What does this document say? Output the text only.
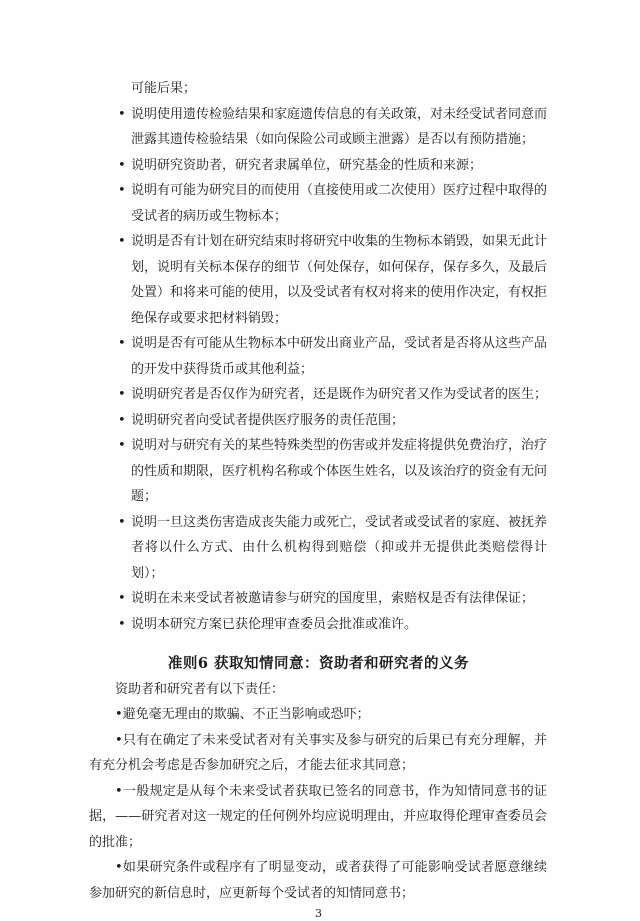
可能后果；
• 说明使用遗传检验结果和家庭遗传信息的有关政策，对未经受试者同意而泄露其遗传检验结果（如向保险公司或顾主泄露）是否以有预防措施；
• 说明研究资助者，研究者隶属单位，研究基金的性质和来源；
• 说明有可能为研究目的而使用（直接使用或二次使用）医疗过程中取得的受试者的病历或生物标本；
• 说明是否有计划在研究结束时将研究中收集的生物标本销毁，如果无此计划，说明有关标本保存的细节（何处保存，如何保存，保存多久，及最后处置）和将来可能的使用，以及受试者有权对将来的使用作决定，有权拒绝保存或要求把材料销毁；
• 说明是否有可能从生物标本中研发出商业产品，受试者是否将从这些产品的开发中获得货币或其他利益；
• 说明研究者是否仅作为研究者，还是既作为研究者又作为受试者的医生；
• 说明研究者向受试者提供医疗服务的责任范围；
• 说明对与研究有关的某些特殊类型的伤害或并发症将提供免费治疗，治疗的性质和期限，医疗机构名称或个体医生姓名，以及该治疗的资金有无问题；
• 说明一旦这类伤害造成丧失能力或死亡，受试者或受试者的家庭、被抚养者将以什么方式、由什么机构得到赔偿（抑或并无提供此类赔偿得计划）；
• 说明在未来受试者被邀请参与研究的国度里，索赔权是否有法律保证；
• 说明本研究方案已获伦理审查委员会批准或准许。
准则6 获取知情同意：资助者和研究者的义务

资助者和研究者有以下责任：

•避免毫无理由的欺骗、不正当影响或恐吓；

•只有在确定了未来受试者对有关事实及参与研究的后果已有充分理解，并有充分机会考虑是否参加研究之后，才能去征求其同意；

•一般规定是从每个未来受试者获取已签名的同意书，作为知情同意书的证据，——研究者对这一规定的任何例外均应说明理由，并应取得伦理审查委员会的批准；

•如果研究条件或程序有了明显变动，或者获得了可能影响受试者愿意继续参加研究的新信息时，应更新每个受试者的知情同意书；

3
